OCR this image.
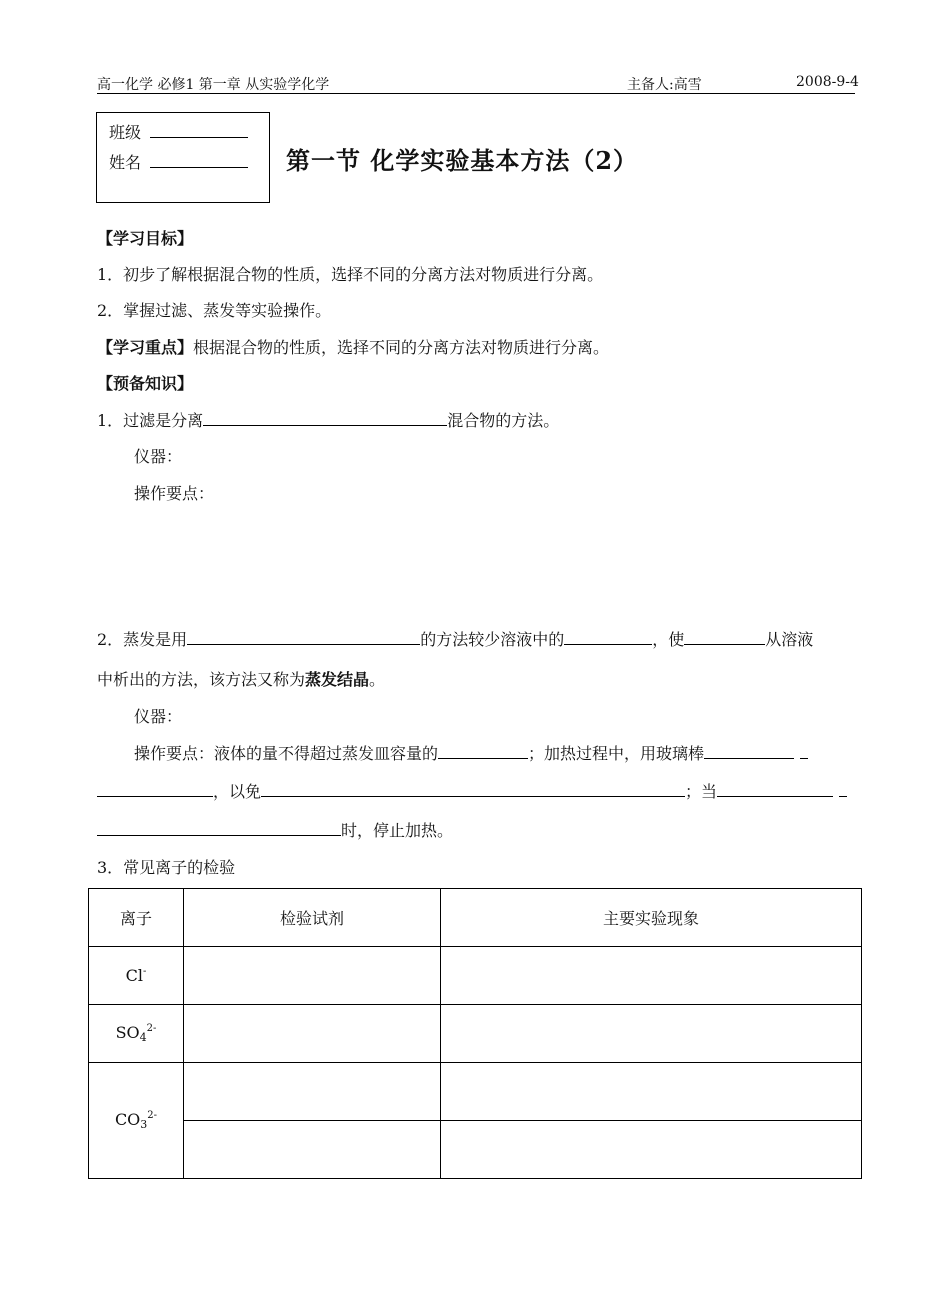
高一化学 必修1 第一章 从实验学化学	主备人:高雪	2008-9-4
班级
姓名	第一节 化学实验基本方法（2）
【学习目标】
1．初步了解根据混合物的性质，选择不同的分离方法对物质进行分离。
2．掌握过滤、蒸发等实验操作。
【学习重点】根据混合物的性质，选择不同的分离方法对物质进行分离。
【预备知识】
1．过滤是分离	混合物的方法。
仪器：
操作要点：
2．蒸发是用	的方法较少溶液中的	，使	从溶液
中析出的方法，该方法又称为蒸发结晶。
仪器：
操作要点：液体的量不得超过蒸发皿容量的	；加热过程中，用玻璃棒
，以免	；当
时，停止加热。
3．常见离子的检验
离子	检验试剂	主要实验现象
Cl-		
$SO_4^{2-}$		
$CO_3^{2-}$		
